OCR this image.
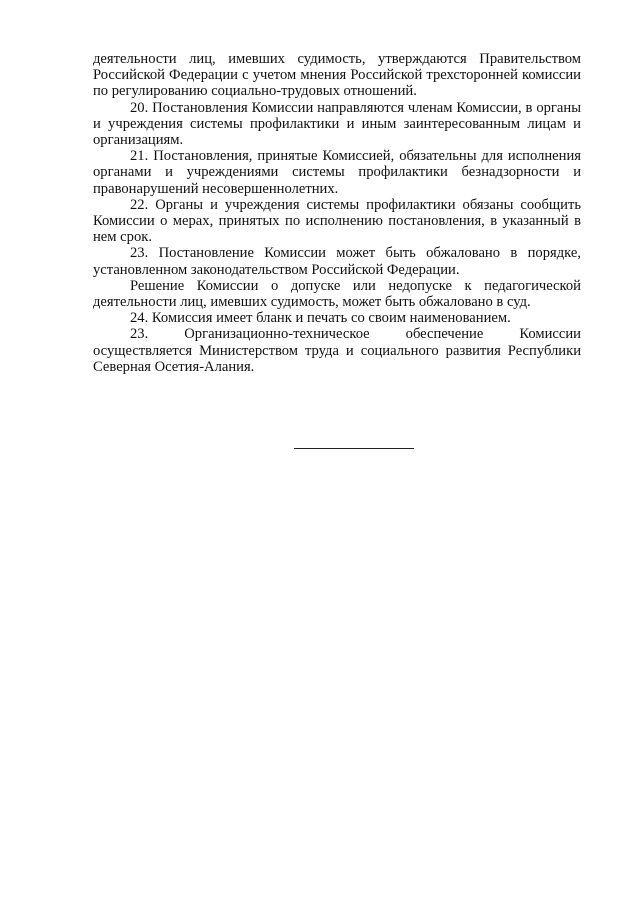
деятельности лиц, имевших судимость, утверждаются Правительством Российской Федерации с учетом мнения Российской трехсторонней комиссии по регулированию социально-трудовых отношений.

20. Постановления Комиссии направляются членам Комиссии, в органы и учреждения системы профилактики и иным заинтересованным лицам и организациям.

21. Постановления, принятые Комиссией, обязательны для исполнения органами и учреждениями системы профилактики безнадзорности и правонарушений несовершеннолетних.

22. Органы и учреждения системы профилактики обязаны сообщить Комиссии о мерах, принятых по исполнению постановления, в указанный в нем срок.

23. Постановление Комиссии может быть обжаловано в порядке, установленном законодательством Российской Федерации.

Решение Комиссии о допуске или недопуске к педагогической деятельности лиц, имевших судимость, может быть обжаловано в суд.

24. Комиссия имеет бланк и печать со своим наименованием.

23. Организационно-техническое обеспечение Комиссии осуществляется Министерством труда и социального развития Республики Северная Осетия-Алания.
